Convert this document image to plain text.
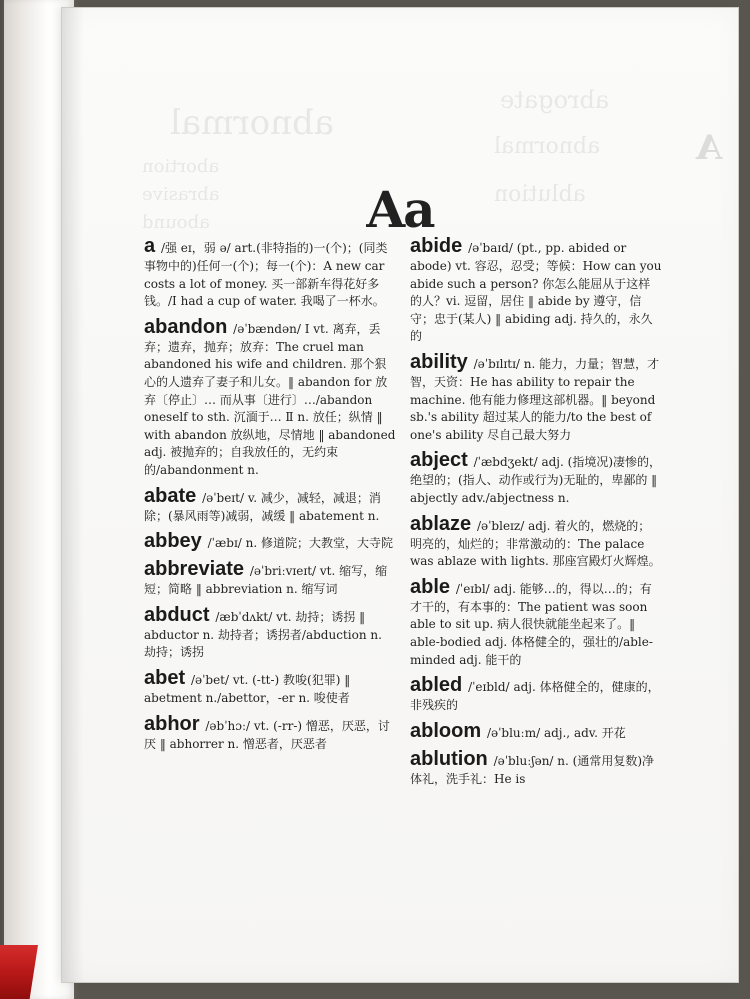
abnormal
abrogate
abnormal
ablution
abortion
abrasive
abound
A
Aa
a /强 eɪ，弱 ə/ art.(非特指的)一(个)；(同类事物中的)任何一(个)；每一(个)：A new car costs a lot of money. 买一部新车得花好多钱。/I had a cup of water. 我喝了一杯水。
abandon /əˈbændən/ Ⅰ vt. 离弃，丢弃；遗弃，抛弃；放弃：The cruel man abandoned his wife and children. 那个狠心的人遗弃了妻子和儿女。‖ abandon for 放弃〔停止〕… 而从事〔进行〕…/abandon oneself to sth. 沉湎于… Ⅱ n. 放任；纵情 ‖ with abandon 放纵地，尽情地 ‖ abandoned adj. 被抛弃的；自我放任的，无约束的/abandonment n.
abate /əˈbeɪt/ v. 减少，减轻，减退；消除；(暴风雨等)减弱，减缓 ‖ abatement n.
abbey /ˈæbɪ/ n. 修道院；大教堂，大寺院
abbreviate /əˈbriːvɪeɪt/ vt. 缩写，缩短；简略 ‖ abbreviation n. 缩写词
abduct /æbˈdʌkt/ vt. 劫持；诱拐 ‖ abductor n. 劫持者；诱拐者/abduction n. 劫持；诱拐
abet /əˈbet/ vt. (-tt-) 教唆(犯罪) ‖ abetment n./abettor，-er n. 唆使者
abhor /əbˈhɔː/ vt. (-rr-) 憎恶，厌恶，讨厌 ‖ abhorrer n. 憎恶者，厌恶者
abide /əˈbaɪd/ (pt., pp. abided or abode) vt. 容忍，忍受；等候：How can you abide such a person? 你怎么能屈从于这样的人？vi. 逗留，居住 ‖ abide by 遵守，信守；忠于(某人) ‖ abiding adj. 持久的，永久的
ability /əˈbɪlɪtɪ/ n. 能力，力量；智慧，才智，天资：He has ability to repair the machine. 他有能力修理这部机器。‖ beyond sb.'s ability 超过某人的能力/to the best of one's ability 尽自己最大努力
abject /ˈæbdʒekt/ adj. (指境况)凄惨的，绝望的；(指人、动作或行为)无耻的，卑鄙的 ‖ abjectly adv./abjectness n.
ablaze /əˈbleɪz/ adj. 着火的，燃烧的；明亮的，灿烂的；非常激动的：The palace was ablaze with lights. 那座宫殿灯火辉煌。
able /ˈeɪbl/ adj. 能够…的，得以…的；有才干的，有本事的：The patient was soon able to sit up. 病人很快就能坐起来了。‖ able-bodied adj. 体格健全的，强壮的/able-minded adj. 能干的
abled /ˈeɪbld/ adj. 体格健全的，健康的，非残疾的
abloom /əˈbluːm/ adj., adv. 开花
ablution /əˈbluːʃən/ n. (通常用复数)净体礼，洗手礼：He is
